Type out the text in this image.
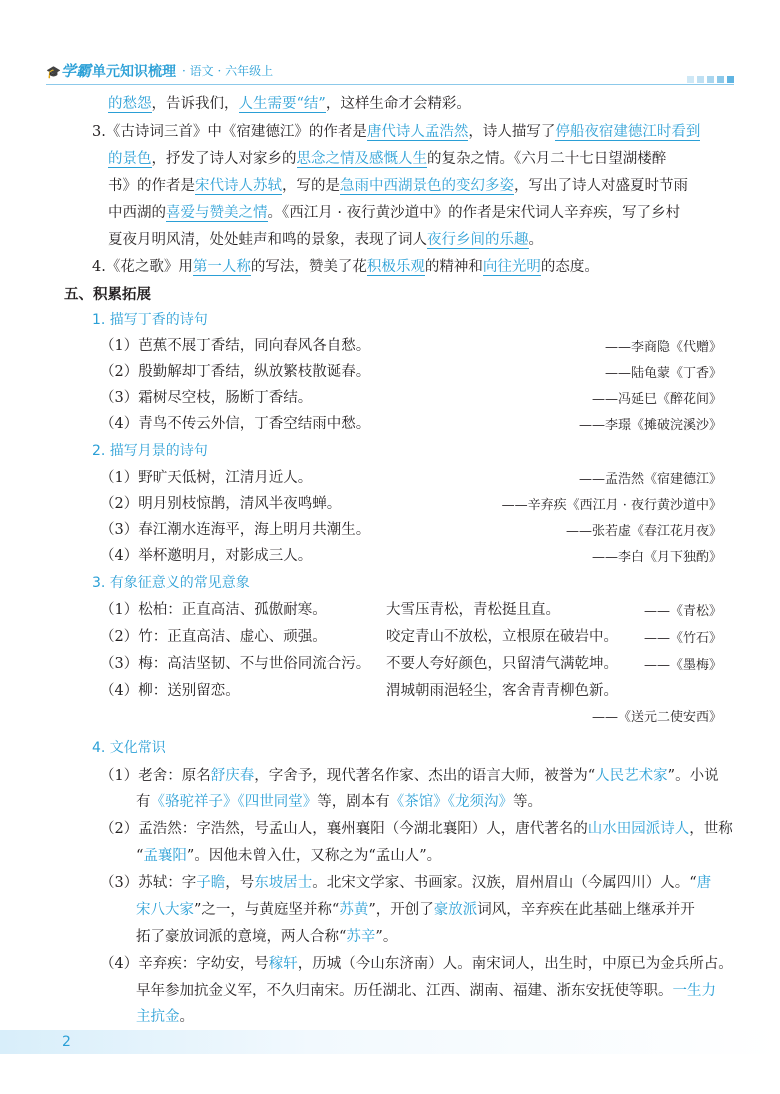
🎓学霸 单元知识梳理 · 语文 · 六年级上
的愁怨，告诉我们，人生需要“结”，这样生命才会精彩。
3.《古诗词三首》中《宿建德江》的作者是唐代诗人孟浩然，诗人描写了停船夜宿建德江时看到
的景色，抒发了诗人对家乡的思念之情及感慨人生的复杂之情。《六月二十七日望湖楼醉
书》的作者是宋代诗人苏轼，写的是急雨中西湖景色的变幻多姿，写出了诗人对盛夏时节雨
中西湖的喜爱与赞美之情。《西江月 · 夜行黄沙道中》的作者是宋代词人辛弃疾，写了乡村
夏夜月明风清，处处蛙声和鸣的景象，表现了词人夜行乡间的乐趣。
4.《花之歌》用第一人称的写法，赞美了花积极乐观的精神和向往光明的态度。
五、积累拓展
1. 描写丁香的诗句
（1）芭蕉不展丁香结，同向春风各自愁。	——李商隐《代赠》
（2）殷勤解却丁香结，纵放繁枝散诞春。	——陆龟蒙《丁香》
（3）霜树尽空枝，肠断丁香结。	——冯延巳《醉花间》
（4）青鸟不传云外信，丁香空结雨中愁。	——李璟《摊破浣溪沙》
2. 描写月景的诗句
（1）野旷天低树，江清月近人。	——孟浩然《宿建德江》
（2）明月别枝惊鹊，清风半夜鸣蝉。	——辛弃疾《西江月 · 夜行黄沙道中》
（3）春江潮水连海平，海上明月共潮生。	——张若虚《春江花月夜》
（4）举杯邀明月，对影成三人。	——李白《月下独酌》
3. 有象征意义的常见意象
（1）松柏：正直高洁、孤傲耐寒。	大雪压青松，青松挺且直。	——《青松》
（2）竹：正直高洁、虚心、顽强。	咬定青山不放松，立根原在破岩中。 ——《竹石》
（3）梅：高洁坚韧、不与世俗同流合污。 不要人夸好颜色，只留清气满乾坤。 ——《墨梅》
（4）柳：送别留恋。	渭城朝雨浥轻尘，客舍青青柳色新。
——《送元二使安西》
4. 文化常识
（1）老舍：原名舒庆春，字舍予，现代著名作家、杰出的语言大师，被誉为“人民艺术家”。小说
有《骆驼祥子》《四世同堂》等，剧本有《茶馆》《龙须沟》等。
（2）孟浩然：字浩然，号孟山人，襄州襄阳（今湖北襄阳）人，唐代著名的山水田园派诗人，世称
“孟襄阳”。因他未曾入仕，又称之为“孟山人”。
（3）苏轼：字子瞻，号东坡居士。北宋文学家、书画家。汉族，眉州眉山（今属四川）人。“唐
宋八大家”之一，与黄庭坚并称“苏黄”，开创了豪放派词风，辛弃疾在此基础上继承并开
拓了豪放词派的意境，两人合称“苏辛”。
（4）辛弃疾：字幼安，号稼轩，历城（今山东济南）人。南宋词人，出生时，中原已为金兵所占。
早年参加抗金义军，不久归南宋。历任湖北、江西、湖南、福建、浙东安抚使等职。一生力
主抗金。
2
